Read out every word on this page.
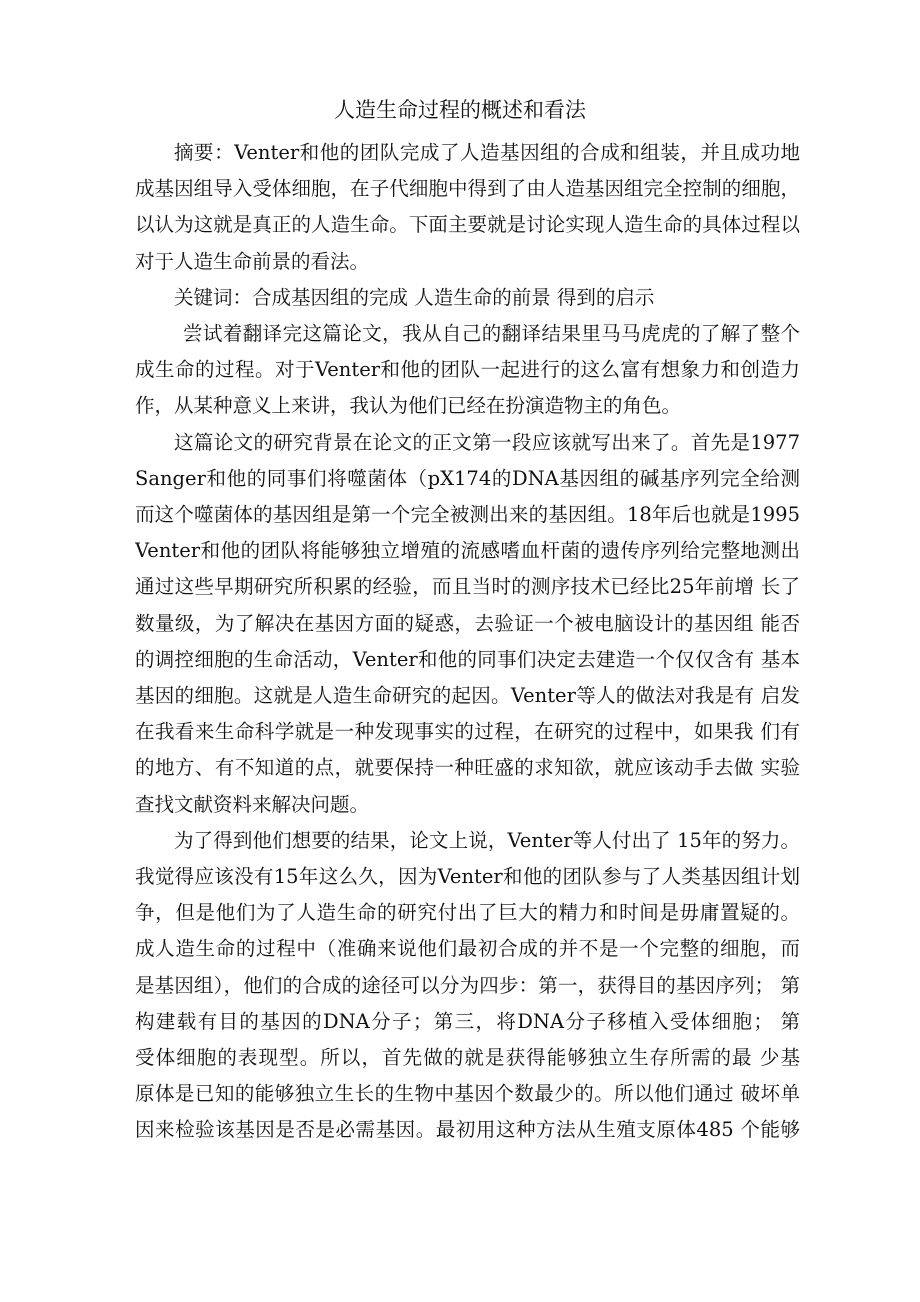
人造生命过程的概述和看法
摘要：Venter和他的团队完成了人造基因组的合成和组装，并且成功地
成基因组导入受体细胞，在子代细胞中得到了由人造基因组完全控制的细胞，
以认为这就是真正的人造生命。下面主要就是讨论实现人造生命的具体过程以
对于人造生命前景的看法。
关键词：合成基因组的完成 人造生命的前景 得到的启示
尝试着翻译完这篇论文，我从自己的翻译结果里马马虎虎的了解了整个
成生命的过程。对于Venter和他的团队一起进行的这么富有想象力和创造力
作，从某种意义上来讲，我认为他们已经在扮演造物主的角色。
这篇论文的研究背景在论文的正文第一段应该就写出来了。首先是1977
Sanger和他的同事们将噬菌体（pX174的DNA基因组的碱基序列完全给测
而这个噬菌体的基因组是第一个完全被测出来的基因组。18年后也就是1995
Venter和他的团队将能够独立增殖的流感嗜血杆菌的遗传序列给完整地测出
通过这些早期研究所积累的经验，而且当时的测序技术已经比25年前增 长了
数量级，为了解决在基因方面的疑惑，去验证一个被电脑设计的基因组 能否
的调控细胞的生命活动，Venter和他的同事们决定去建造一个仅仅含有 基本
基因的细胞。这就是人造生命研究的起因。Venter等人的做法对我是有 启发
在我看来生命科学就是一种发现事实的过程，在研究的过程中，如果我 们有
的地方、有不知道的点，就要保持一种旺盛的求知欲，就应该动手去做 实验
查找文献资料来解决问题。
为了得到他们想要的结果，论文上说，Venter等人付出了 15年的努力。
我觉得应该没有15年这么久，因为Venter和他的团队参与了人类基因组计划
争，但是他们为了人造生命的研究付出了巨大的精力和时间是毋庸置疑的。
成人造生命的过程中（准确来说他们最初合成的并不是一个完整的细胞，而
是基因组），他们的合成的途径可以分为四步：第一，获得目的基因序列； 第
构建载有目的基因的DNA分子；第三，将DNA分子移植入受体细胞； 第
受体细胞的表现型。所以，首先做的就是获得能够独立生存所需的最 少基
原体是已知的能够独立生长的生物中基因个数最少的。所以他们通过 破坏单
因来检验该基因是否是必需基因。最初用这种方法从生殖支原体485 个能够
